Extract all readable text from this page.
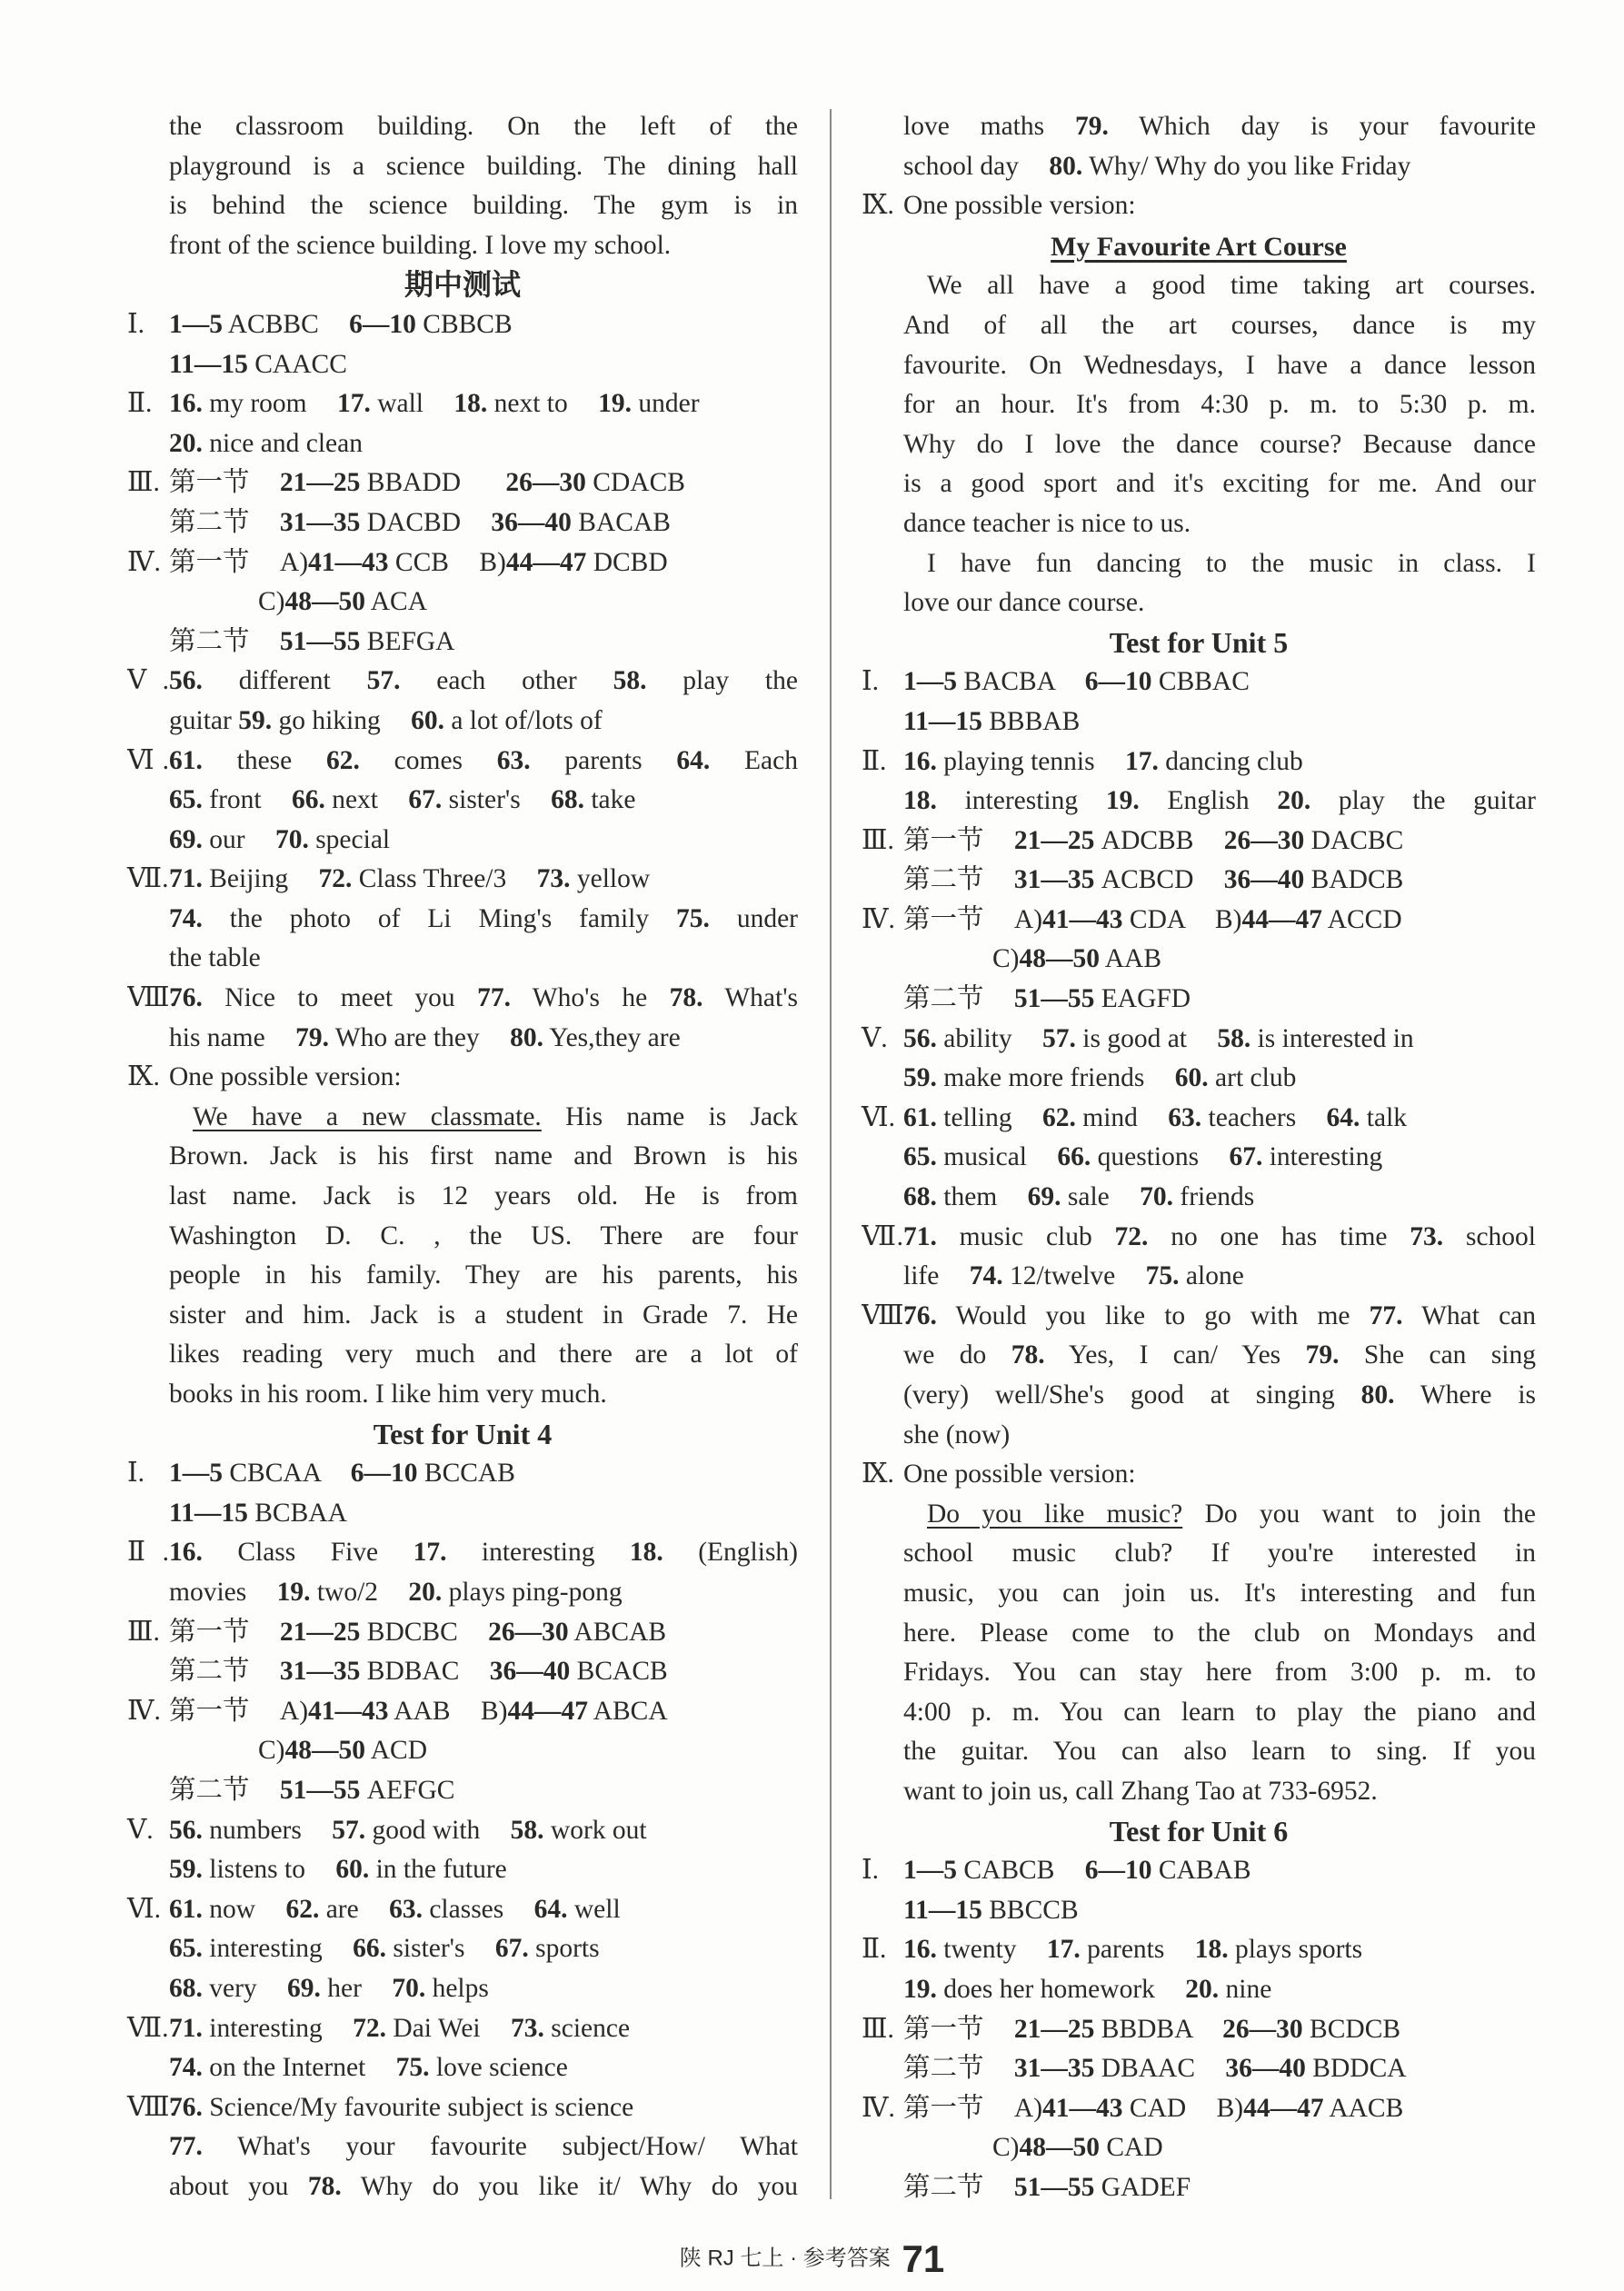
the classroom building. On the left of the
playground is a science building. The dining hall
is behind the science building. The gym is in
front of the science building. I love my school.
期中测试
Ⅰ. 1—5 ACBBC 6—10 CBBCB
11—15 CAACC
Ⅱ. 16. my room 17. wall 18. next to 19. under
20. nice and clean
Ⅲ. 第一节 21—25 BBADD 26—30 CDACB
第二节 31—35 DACBD 36—40 BACAB
Ⅳ. 第一节 A)41—43 CCB B)44—47 DCBD
C)48—50 ACA
第二节 51—55 BEFGA
Ⅴ.56. different 57. each other 58. play the
guitar 59. go hiking 60. a lot of/lots of
Ⅵ.61. these 62. comes 63. parents 64. Each
65. front 66. next 67. sister's 68. take
69. our 70. special
Ⅶ.71. Beijing 72. Class Three/3 73. yellow
74. the photo of Li Ming's family 75. under
the table
Ⅷ.76. Nice to meet you 77. Who's he 78. What's
his name 79. Who are they 80. Yes,they are
Ⅸ. One possible version:
We have a new classmate. His name is Jack
Brown. Jack is his first name and Brown is his
last name. Jack is 12 years old. He is from
Washington D. C. , the US. There are four
people in his family. They are his parents, his
sister and him. Jack is a student in Grade 7. He
likes reading very much and there are a lot of
books in his room. I like him very much.
Test for Unit 4
Ⅰ. 1—5 CBCAA 6—10 BCCAB
11—15 BCBAA
Ⅱ.16. Class Five 17. interesting 18. (English)
movies 19. two/2 20. plays ping-pong
Ⅲ. 第一节 21—25 BDCBC 26—30 ABCAB
第二节 31—35 BDBAC 36—40 BCACB
Ⅳ. 第一节 A)41—43 AAB B)44—47 ABCA
C)48—50 ACD
第二节 51—55 AEFGC
Ⅴ. 56. numbers 57. good with 58. work out
59. listens to 60. in the future
Ⅵ. 61. now 62. are 63. classes 64. well
65. interesting 66. sister's 67. sports
68. very 69. her 70. helps
Ⅶ.71. interesting 72. Dai Wei 73. science
74. on the Internet 75. love science
Ⅷ.76. Science/My favourite subject is science
77. What's your favourite subject/How/ What
about you 78. Why do you like it/ Why do you
love maths 79. Which day is your favourite
school day 80. Why/ Why do you like Friday
Ⅸ. One possible version:
My Favourite Art Course
We all have a good time taking art courses.
And of all the art courses, dance is my
favourite. On Wednesdays, I have a dance lesson
for an hour. It's from 4:30 p. m. to 5:30 p. m.
Why do I love the dance course? Because dance
is a good sport and it's exciting for me. And our
dance teacher is nice to us.
I have fun dancing to the music in class. I
love our dance course.
Test for Unit 5
Ⅰ. 1—5 BACBA 6—10 CBBAC
11—15 BBBAB
Ⅱ. 16. playing tennis 17. dancing club
18. interesting 19. English 20. play the guitar
Ⅲ. 第一节 21—25 ADCBB 26—30 DACBC
第二节 31—35 ACBCD 36—40 BADCB
Ⅳ. 第一节 A)41—43 CDA B)44—47 ACCD
C)48—50 AAB
第二节 51—55 EAGFD
Ⅴ. 56. ability 57. is good at 58. is interested in
59. make more friends 60. art club
Ⅵ. 61. telling 62. mind 63. teachers 64. talk
65. musical 66. questions 67. interesting
68. them 69. sale 70. friends
Ⅶ.71. music club 72. no one has time 73. school
life 74. 12/twelve 75. alone
Ⅷ.76. Would you like to go with me 77. What can
we do 78. Yes, I can/ Yes 79. She can sing
(very) well/She's good at singing 80. Where is
she (now)
Ⅸ. One possible version:
Do you like music? Do you want to join the
school music club? If you're interested in
music, you can join us. It's interesting and fun
here. Please come to the club on Mondays and
Fridays. You can stay here from 3:00 p. m. to
4:00 p. m. You can learn to play the piano and
the guitar. You can also learn to sing. If you
want to join us, call Zhang Tao at 733-6952.
Test for Unit 6
Ⅰ. 1—5 CABCB 6—10 CABAB
11—15 BBCCB
Ⅱ. 16. twenty 17. parents 18. plays sports
19. does her homework 20. nine
Ⅲ. 第一节 21—25 BBDBA 26—30 BCDCB
第二节 31—35 DBAAC 36—40 BDDCA
Ⅳ. 第一节 A)41—43 CAD B)44—47 AACB
C)48—50 CAD
第二节 51—55 GADEF
陕 RJ 七上 · 参考答案 71
